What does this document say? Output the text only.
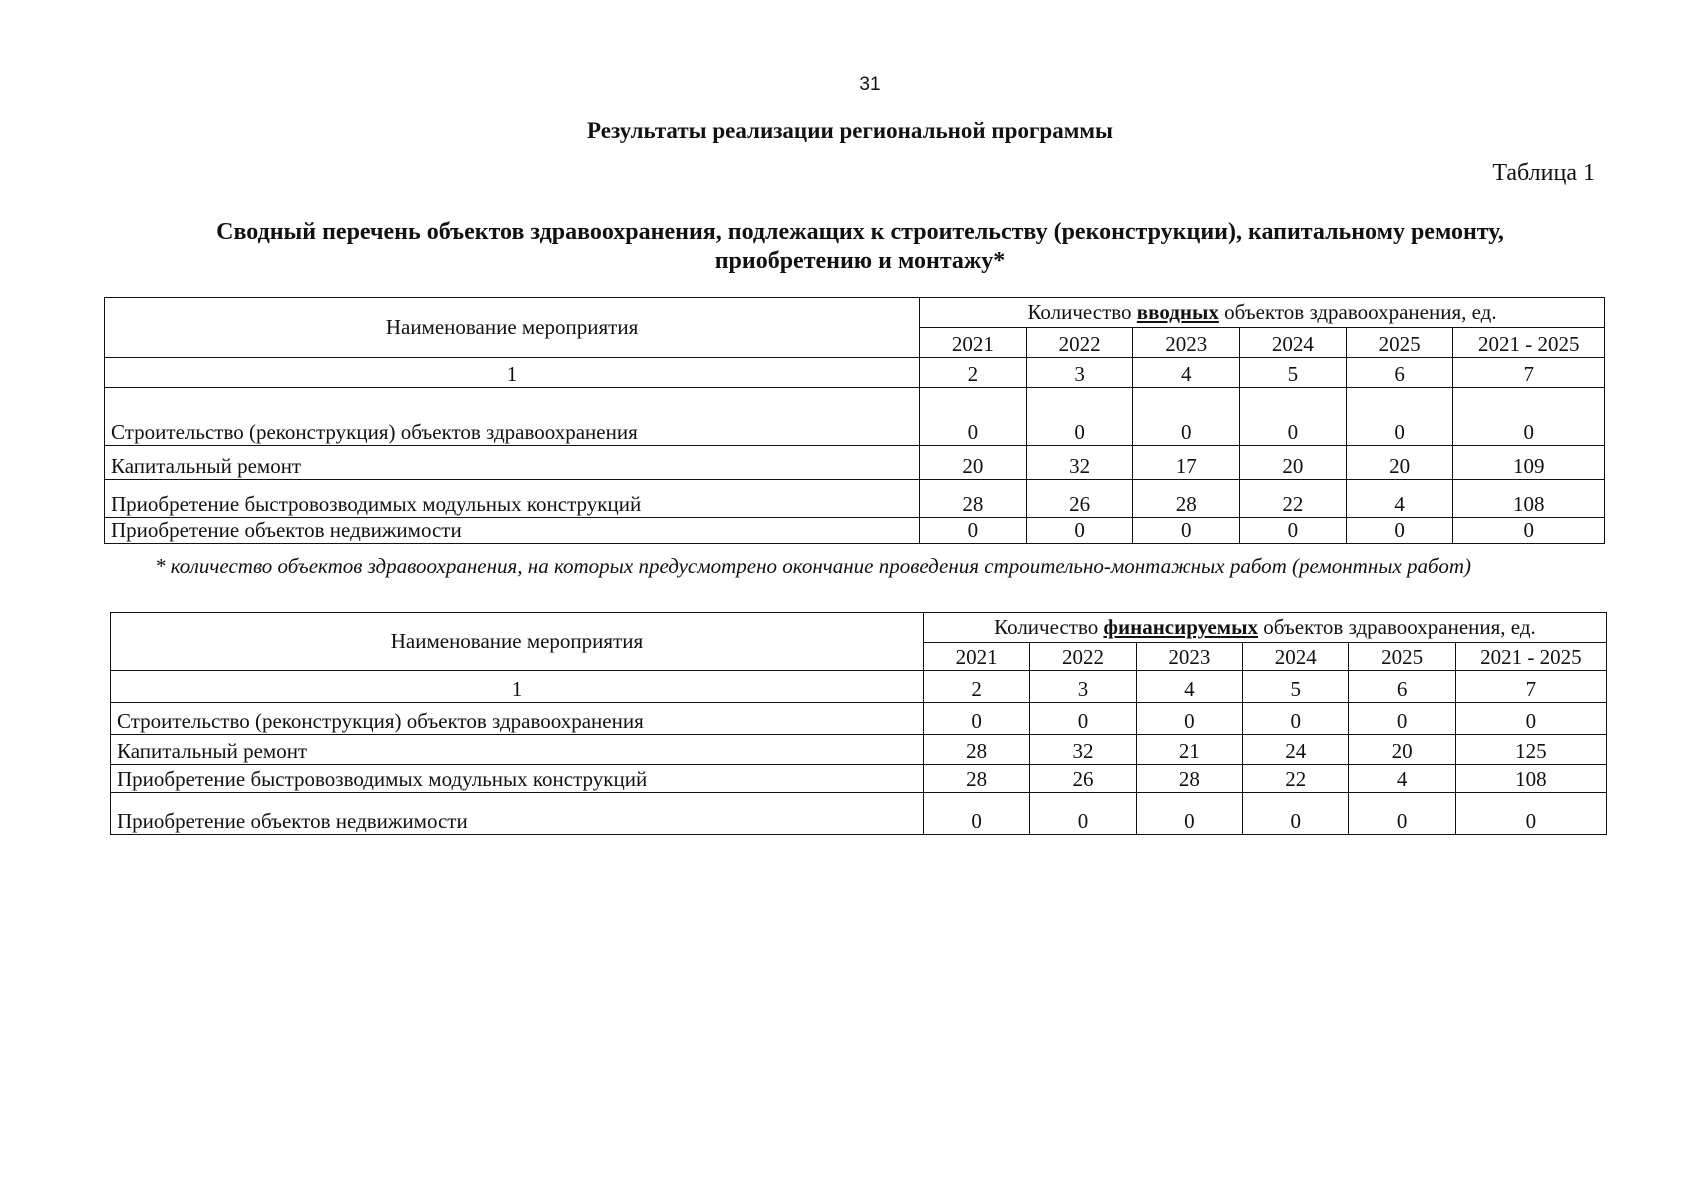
31
Результаты реализации региональной программы
Таблица 1
Сводный перечень объектов здравоохранения, подлежащих к строительству (реконструкции), капитальному ремонту,
приобретению и монтажу*
Наименование мероприятия	Количество вводных объектов здравоохранения, ед.					
	2021	2022	2023	2024	2025	2021 - 2025
1	2	3	4	5	6	7
Строительство (реконструкция) объектов здравоохранения	0	0	0	0	0	0
Капитальный ремонт	20	32	17	20	20	109
Приобретение быстровозводимых модульных конструкций	28	26	28	22	4	108
Приобретение объектов недвижимости	0	0	0	0	0	0
* количество объектов здравоохранения, на которых предусмотрено окончание проведения строительно-монтажных работ (ремонтных работ)
Наименование мероприятия	Количество финансируемых объектов здравоохранения, ед.					
	2021	2022	2023	2024	2025	2021 - 2025
1	2	3	4	5	6	7
Строительство (реконструкция) объектов здравоохранения	0	0	0	0	0	0
Капитальный ремонт	28	32	21	24	20	125
Приобретение быстровозводимых модульных конструкций	28	26	28	22	4	108
Приобретение объектов недвижимости	0	0	0	0	0	0
